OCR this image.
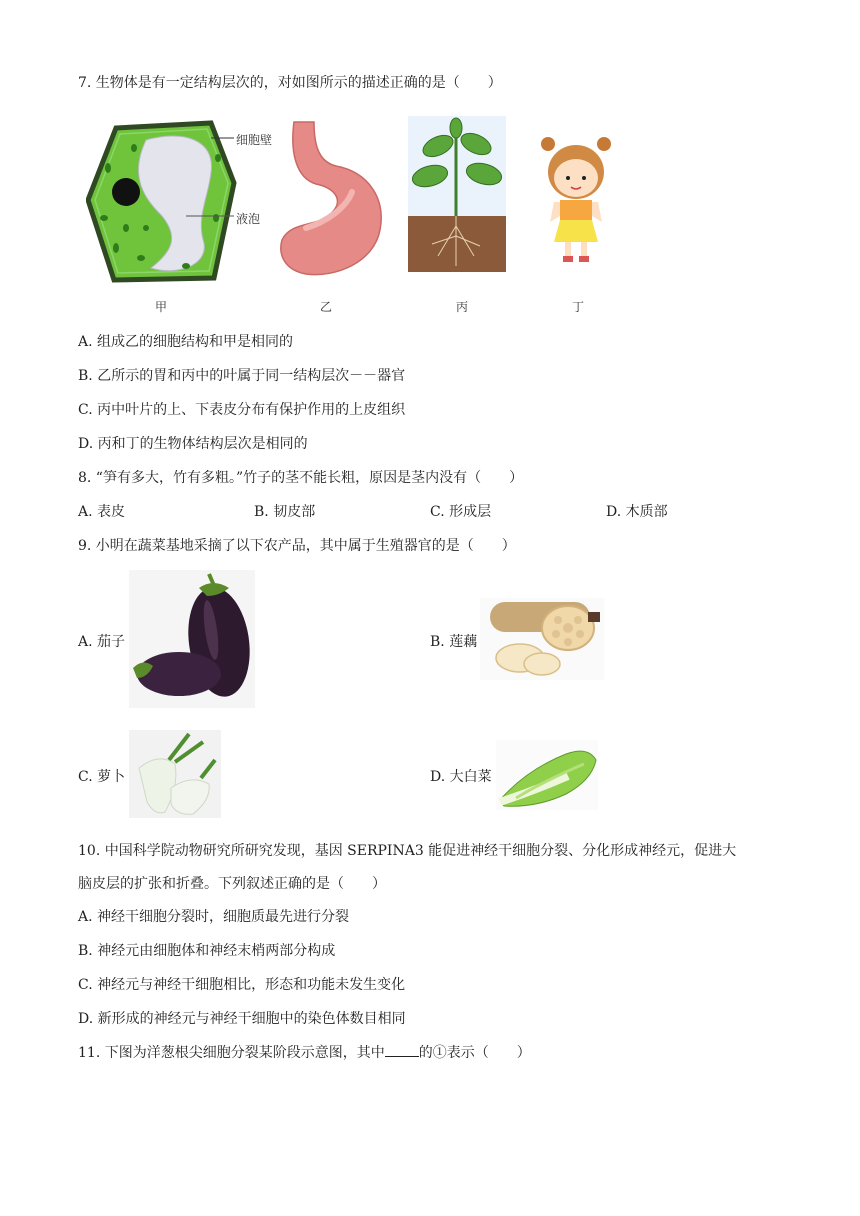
7. 生物体是有一定结构层次的，对如图所示的描述正确的是（　　）
细胞壁
液泡
甲	乙	丙	丁
A. 组成乙的细胞结构和甲是相同的
B. 乙所示的胃和丙中的叶属于同一结构层次－－器官
C. 丙中叶片的上、下表皮分布有保护作用的上皮组织
D. 丙和丁的生物体结构层次是相同的
8. “笋有多大，竹有多粗。”竹子的茎不能长粗，原因是茎内没有（　　）
A. 表皮	B. 韧皮部	C. 形成层	D. 木质部
9. 小明在蔬菜基地采摘了以下农产品，其中属于生殖器官的是（　　）
A. 茄子	B. 莲藕
C. 萝卜	D. 大白菜
10. 中国科学院动物研究所研究发现，基因 SERPINA3 能促进神经干细胞分裂、分化形成神经元，促进大
脑皮层的扩张和折叠。下列叙述正确的是（　　）
A. 神经干细胞分裂时，细胞质最先进行分裂
B. 神经元由细胞体和神经末梢两部分构成
C. 神经元与神经干细胞相比，形态和功能未发生变化
D. 新形成的神经元与神经干细胞中的染色体数目相同
11. 下图为洋葱根尖细胞分裂某阶段示意图，其中 的①表示（　　）
